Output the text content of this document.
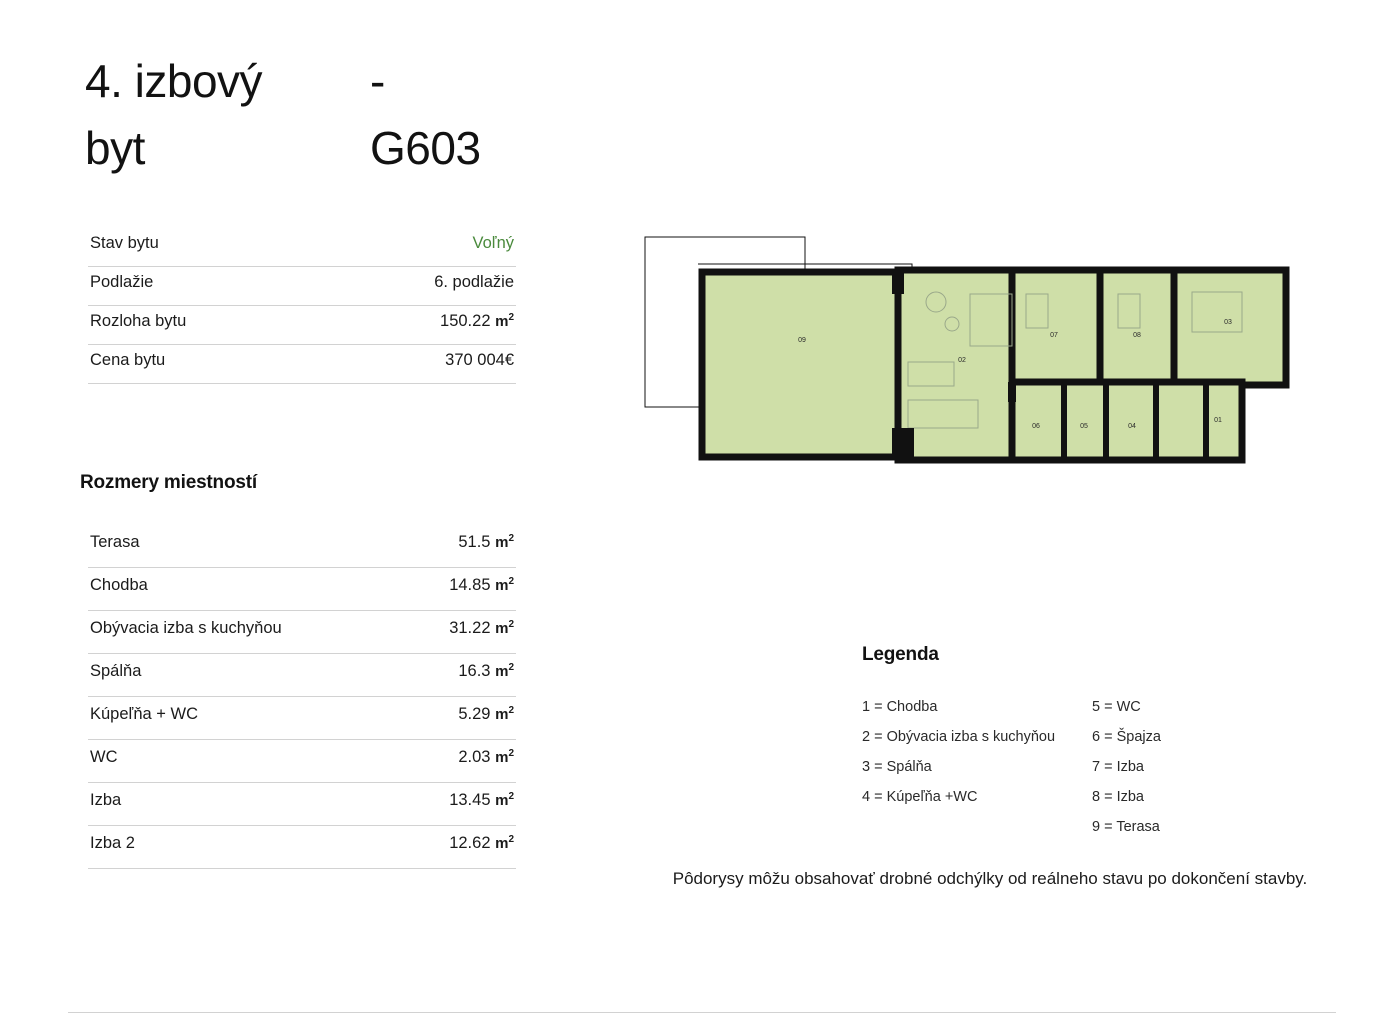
4. izbový	-
byt	G603
Stav bytu	Voľný
Podlažie	6. podlažie
Rozloha bytu	150.22 $m^2$
Cena bytu	370 004€
Rozmery miestností
Terasa	51.5 $m^2$
Chodba	14.85 $m^2$
Obývacia izba s kuchyňou	31.22 $m^2$
Spálňa	16.3 $m^2$
Kúpeľňa + WC	5.29 $m^2$
WC	2.03 $m^2$
Izba	13.45 $m^2$
Izba 2	12.62 $m^2$
09
02
07	08
03
06	05	04
01
Legenda
1 = Chodba
2 = Obývacia izba s kuchyňou
3 = Spálňa
4 = Kúpeľňa +WC
5 = WC
6 = Špajza
7 = Izba
8 = Izba
9 = Terasa
Pôdorysy môžu obsahovať drobné odchýlky od reálneho stavu po dokončení stavby.
